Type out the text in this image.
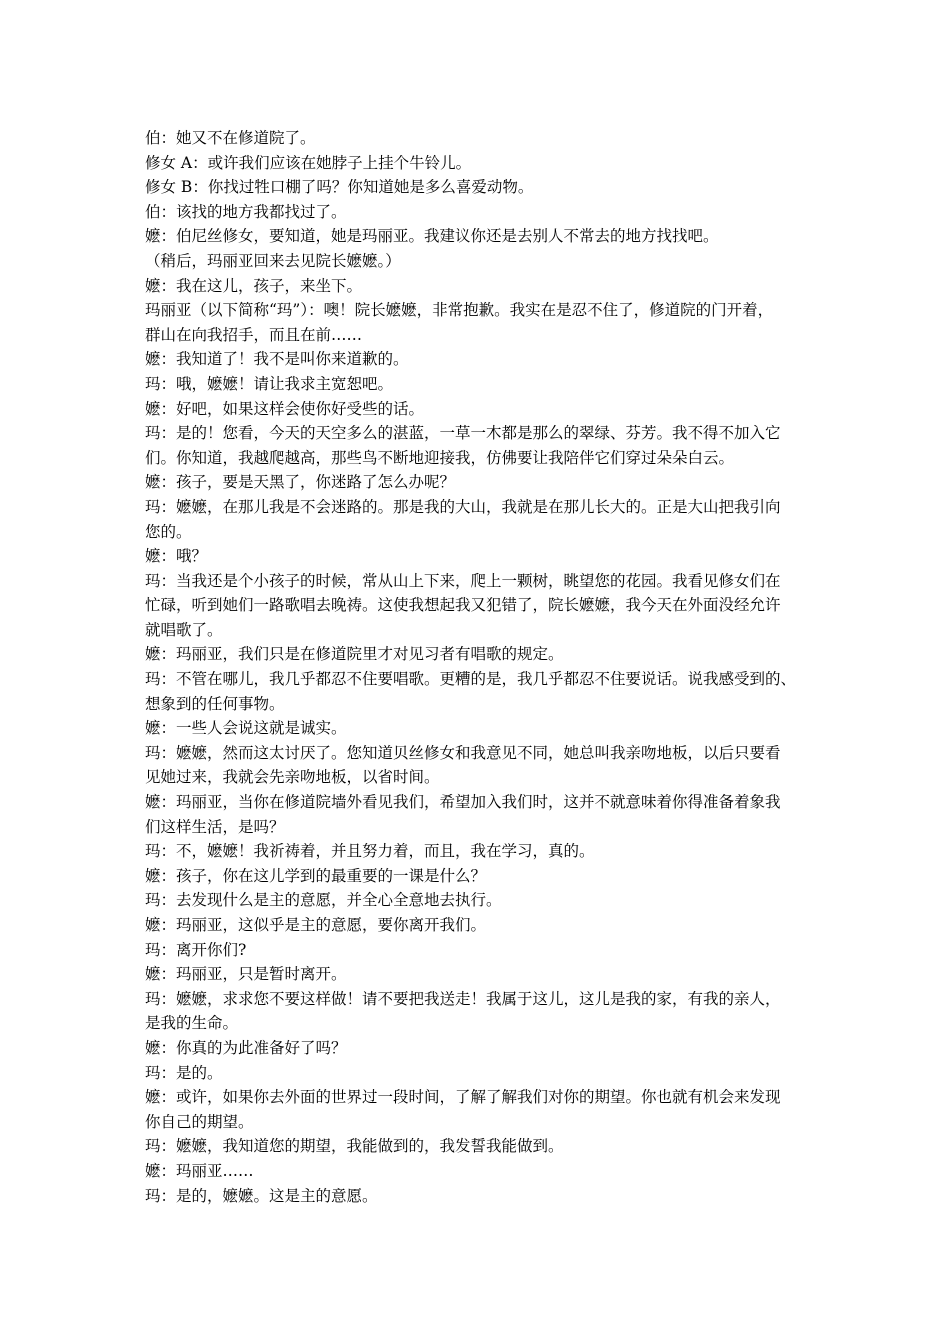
伯：她又不在修道院了。
修女 A：或许我们应该在她脖子上挂个牛铃儿。
修女 B：你找过牲口棚了吗？你知道她是多么喜爱动物。
伯：该找的地方我都找过了。
嬷：伯尼丝修女，要知道，她是玛丽亚。我建议你还是去别人不常去的地方找找吧。
（稍后，玛丽亚回来去见院长嬷嬷。）
嬷：我在这儿，孩子，来坐下。
玛丽亚（以下简称“玛”）：噢！院长嬷嬷，非常抱歉。我实在是忍不住了，修道院的门开着，
群山在向我招手，而且在前……
嬷：我知道了！我不是叫你来道歉的。
玛：哦，嬷嬷！请让我求主宽恕吧。
嬷：好吧，如果这样会使你好受些的话。
玛：是的！您看，今天的天空多么的湛蓝，一草一木都是那么的翠绿、芬芳。我不得不加入它
们。你知道，我越爬越高，那些鸟不断地迎接我，仿佛要让我陪伴它们穿过朵朵白云。
嬷：孩子，要是天黑了，你迷路了怎么办呢？
玛：嬷嬷，在那儿我是不会迷路的。那是我的大山，我就是在那儿长大的。正是大山把我引向
您的。
嬷：哦？
玛：当我还是个小孩子的时候，常从山上下来，爬上一颗树，眺望您的花园。我看见修女们在
忙碌，听到她们一路歌唱去晚祷。这使我想起我又犯错了，院长嬷嬷，我今天在外面没经允许
就唱歌了。
嬷：玛丽亚，我们只是在修道院里才对见习者有唱歌的规定。
玛：不管在哪儿，我几乎都忍不住要唱歌。更糟的是，我几乎都忍不住要说话。说我感受到的、
想象到的任何事物。
嬷：一些人会说这就是诚实。
玛：嬷嬷，然而这太讨厌了。您知道贝丝修女和我意见不同，她总叫我亲吻地板，以后只要看
见她过来，我就会先亲吻地板，以省时间。
嬷：玛丽亚，当你在修道院墙外看见我们，希望加入我们时，这并不就意味着你得准备着象我
们这样生活，是吗？
玛：不，嬷嬷！我祈祷着，并且努力着，而且，我在学习，真的。
嬷：孩子，你在这儿学到的最重要的一课是什么？
玛：去发现什么是主的意愿，并全心全意地去执行。
嬷：玛丽亚，这似乎是主的意愿，要你离开我们。
玛：离开你们?
嬷：玛丽亚，只是暂时离开。
玛：嬷嬷，求求您不要这样做！请不要把我送走！我属于这儿，这儿是我的家，有我的亲人，
是我的生命。
嬷：你真的为此准备好了吗？
玛：是的。
嬷：或许，如果你去外面的世界过一段时间，了解了解我们对你的期望。你也就有机会来发现
你自己的期望。
玛：嬷嬷，我知道您的期望，我能做到的，我发誓我能做到。
嬷：玛丽亚……
玛：是的，嬷嬷。这是主的意愿。
